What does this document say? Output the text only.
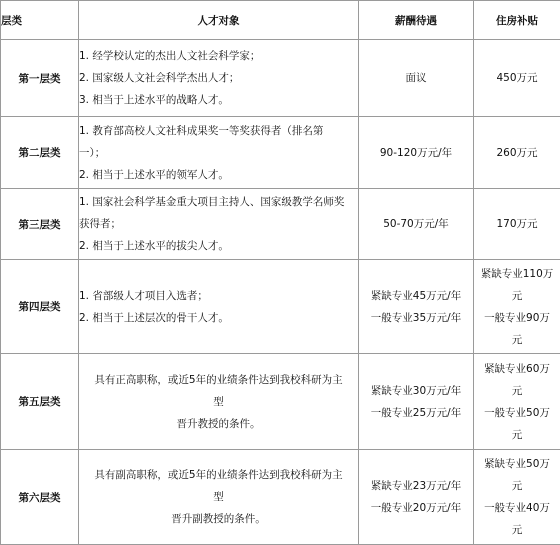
层类	人才对象	薪酬待遇	住房补贴
第一层类	1. 经学校认定的杰出人文社会科学家；
2. 国家级人文社会科学杰出人才；
3. 相当于上述水平的战略人才。	面议	450万元

第二层类	1. 教育部高校人文社科成果奖一等奖获得者（排名第
一）；
2. 相当于上述水平的领军人才。	90-120万元/年	260万元

第三层类	1. 国家社会科学基金重大项目主持人、国家级教学名师奖
获得者；
2. 相当于上述水平的拔尖人才。	50-70万元/年	170万元

第四层类	1. 省部级人才项目入选者；
2. 相当于上述层次的骨干人才。	紧缺专业45万元/年
一般专业35万元/年	紧缺专业110万
元
一般专业90万
元

第五层类	具有正高职称，或近5年的业绩条件达到我校科研为主型
晋升教授的条件。	紧缺专业30万元/年
一般专业25万元/年	紧缺专业60万
元
一般专业50万
元

第六层类	具有副高职称，或近5年的业绩条件达到我校科研为主型
晋升副教授的条件。	紧缺专业23万元/年
一般专业20万元/年	紧缺专业50万
元
一般专业40万
元
